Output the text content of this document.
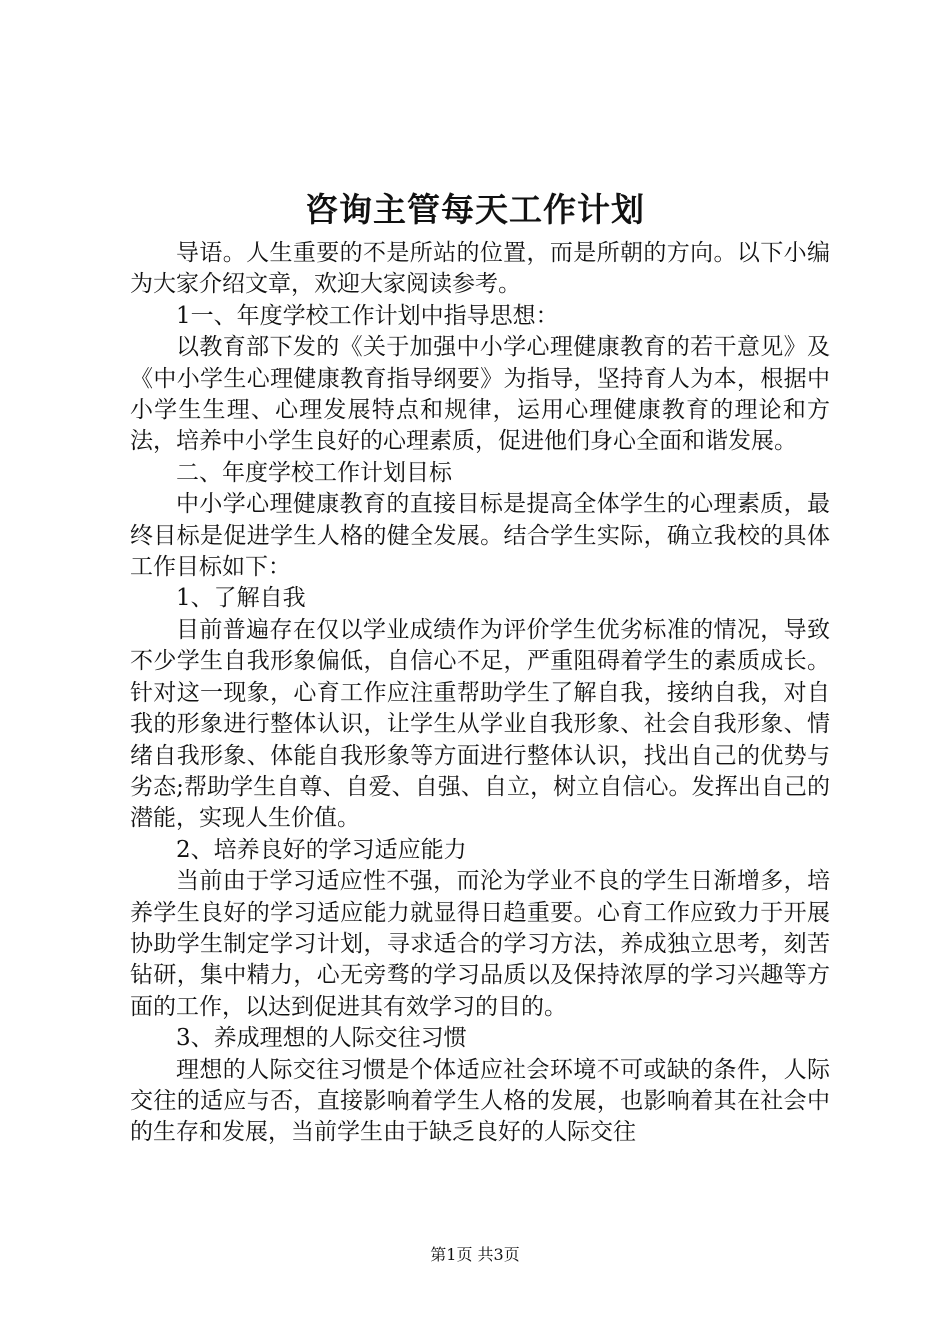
咨询主管每天工作计划

导语。人生重要的不是所站的位置，而是所朝的方向。以下小编为大家介绍文章，欢迎大家阅读参考。

1一、年度学校工作计划中指导思想：

以教育部下发的《关于加强中小学心理健康教育的若干意见》及《中小学生心理健康教育指导纲要》为指导，坚持育人为本，根据中小学生生理、心理发展特点和规律，运用心理健康教育的理论和方法，培养中小学生良好的心理素质，促进他们身心全面和谐发展。

二、年度学校工作计划目标

中小学心理健康教育的直接目标是提高全体学生的心理素质，最终目标是促进学生人格的健全发展。结合学生实际，确立我校的具体工作目标如下：

1、了解自我

目前普遍存在仅以学业成绩作为评价学生优劣标准的情况，导致不少学生自我形象偏低，自信心不足，严重阻碍着学生的素质成长。针对这一现象，心育工作应注重帮助学生了解自我，接纳自我，对自我的形象进行整体认识，让学生从学业自我形象、社会自我形象、情绪自我形象、体能自我形象等方面进行整体认识，找出自己的优势与劣态;帮助学生自尊、自爱、自强、自立，树立自信心。发挥出自己的潜能，实现人生价值。

2、培养良好的学习适应能力

当前由于学习适应性不强，而沦为学业不良的学生日渐增多，培养学生良好的学习适应能力就显得日趋重要。心育工作应致力于开展协助学生制定学习计划，寻求适合的学习方法，养成独立思考，刻苦钻研，集中精力，心无旁骛的学习品质以及保持浓厚的学习兴趣等方面的工作，以达到促进其有效学习的目的。

3、养成理想的人际交往习惯

理想的人际交往习惯是个体适应社会环境不可或缺的条件，人际交往的适应与否，直接影响着学生人格的发展，也影响着其在社会中的生存和发展，当前学生由于缺乏良好的人际交往

第1页 共3页
